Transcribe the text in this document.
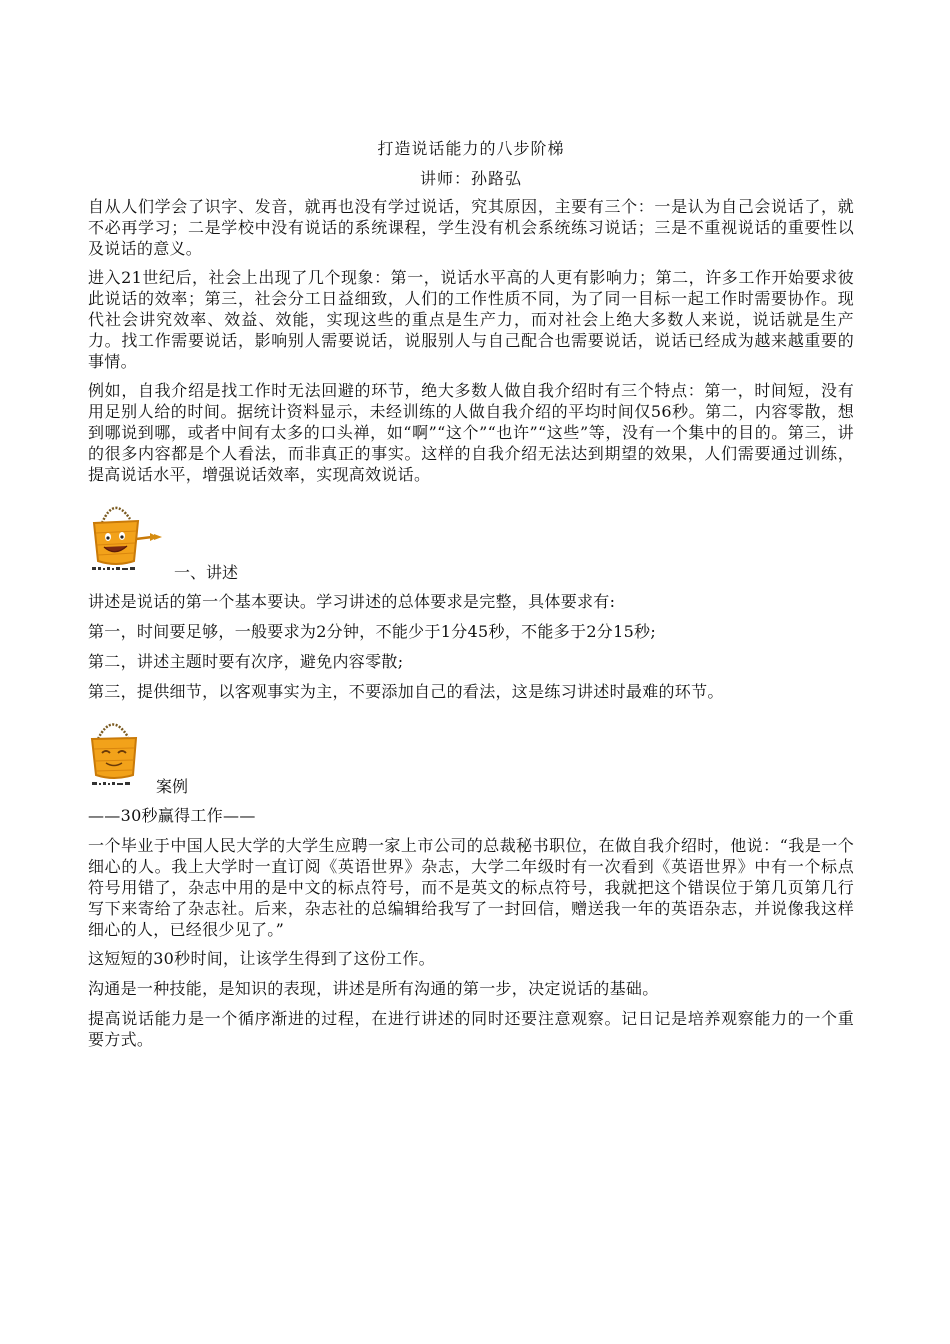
打造说话能力的八步阶梯
讲师：孙路弘

自从人们学会了识字、发音，就再也没有学过说话，究其原因，主要有三个：一是认为自己会说话了，就不必再学习；二是学校中没有说话的系统课程，学生没有机会系统练习说话；三是不重视说话的重要性以及说话的意义。

进入21世纪后，社会上出现了几个现象：第一，说话水平高的人更有影响力；第二，许多工作开始要求彼此说话的效率；第三，社会分工日益细致，人们的工作性质不同，为了同一目标一起工作时需要协作。现代社会讲究效率、效益、效能，实现这些的重点是生产力，而对社会上绝大多数人来说，说话就是生产力。找工作需要说话，影响别人需要说话，说服别人与自己配合也需要说话，说话已经成为越来越重要的事情。

例如，自我介绍是找工作时无法回避的环节，绝大多数人做自我介绍时有三个特点：第一，时间短，没有用足别人给的时间。据统计资料显示，未经训练的人做自我介绍的平均时间仅56秒。第二，内容零散，想到哪说到哪，或者中间有太多的口头禅，如“啊”“这个”“也许”“这些”等，没有一个集中的目的。第三，讲的很多内容都是个人看法，而非真正的事实。这样的自我介绍无法达到期望的效果，人们需要通过训练，提高说话水平，增强说话效率，实现高效说话。

一、讲述

讲述是说话的第一个基本要诀。学习讲述的总体要求是完整，具体要求有:

第一，时间要足够，一般要求为2分钟，不能少于1分45秒，不能多于2分15秒;

第二，讲述主题时要有次序，避免内容零散;

第三，提供细节，以客观事实为主，不要添加自己的看法，这是练习讲述时最难的环节。

案例

——30秒赢得工作——

一个毕业于中国人民大学的大学生应聘一家上市公司的总裁秘书职位，在做自我介绍时，他说：“我是一个细心的人。我上大学时一直订阅《英语世界》杂志，大学二年级时有一次看到《英语世界》中有一个标点符号用错了，杂志中用的是中文的标点符号，而不是英文的标点符号，我就把这个错误位于第几页第几行写下来寄给了杂志社。后来，杂志社的总编辑给我写了一封回信，赠送我一年的英语杂志，并说像我这样细心的人，已经很少见了。”

这短短的30秒时间，让该学生得到了这份工作。

沟通是一种技能，是知识的表现，讲述是所有沟通的第一步，决定说话的基础。

提高说话能力是一个循序渐进的过程，在进行讲述的同时还要注意观察。记日记是培养观察能力的一个重要方式。
